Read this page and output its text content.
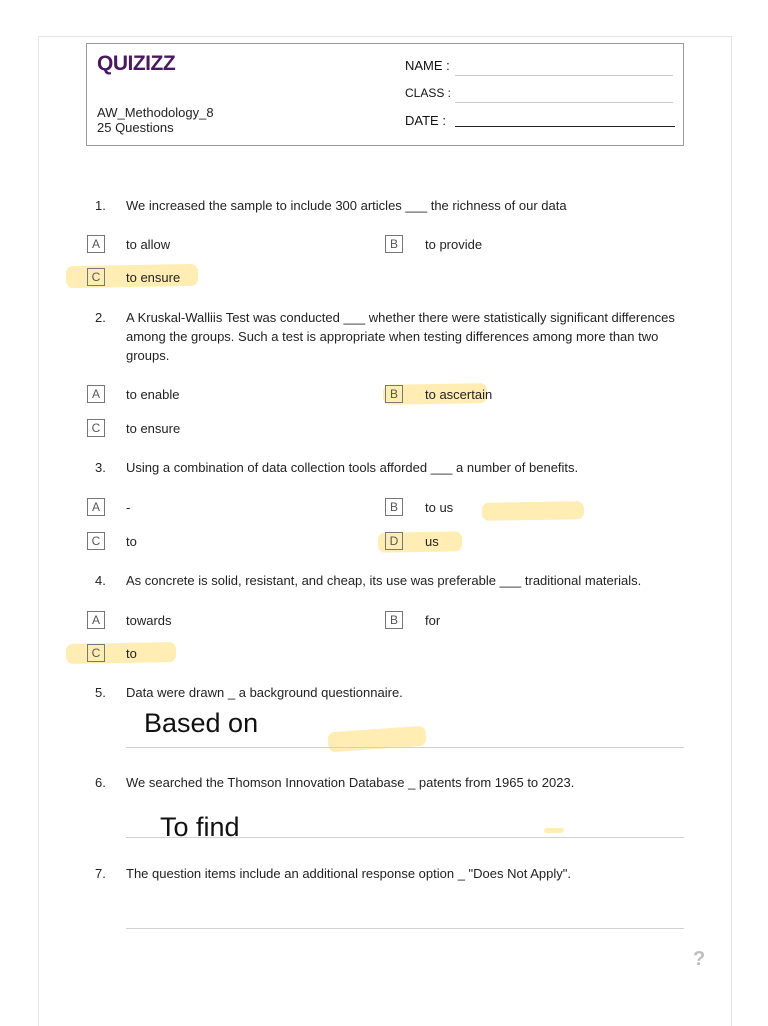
QUIZIZZ
AW_Methodology_8
25 Questions
NAME :
CLASS :
DATE :
1. We increased the sample to include 300 articles ___ the richness of our data
A	to allow	B	to provide
C	to ensure
2. A Kruskal-Walliis Test was conducted ___ whether there were statistically significant differences among the groups. Such a test is appropriate when testing differences among more than two groups.
A	to enable	B	to ascertain
C	to ensure
3. Using a combination of data collection tools afforded ___ a number of benefits.
A	-	B	to us
C	to	D	us
4. As concrete is solid, resistant, and cheap, its use was preferable ___ traditional materials.
A	towards	B	for
C	to
5. Data were drawn _ a background questionnaire.
Based on
6. We searched the Thomson Innovation Database _ patents from 1965 to 2023.
To find
7. The question items include an additional response option _ "Does Not Apply".
?
